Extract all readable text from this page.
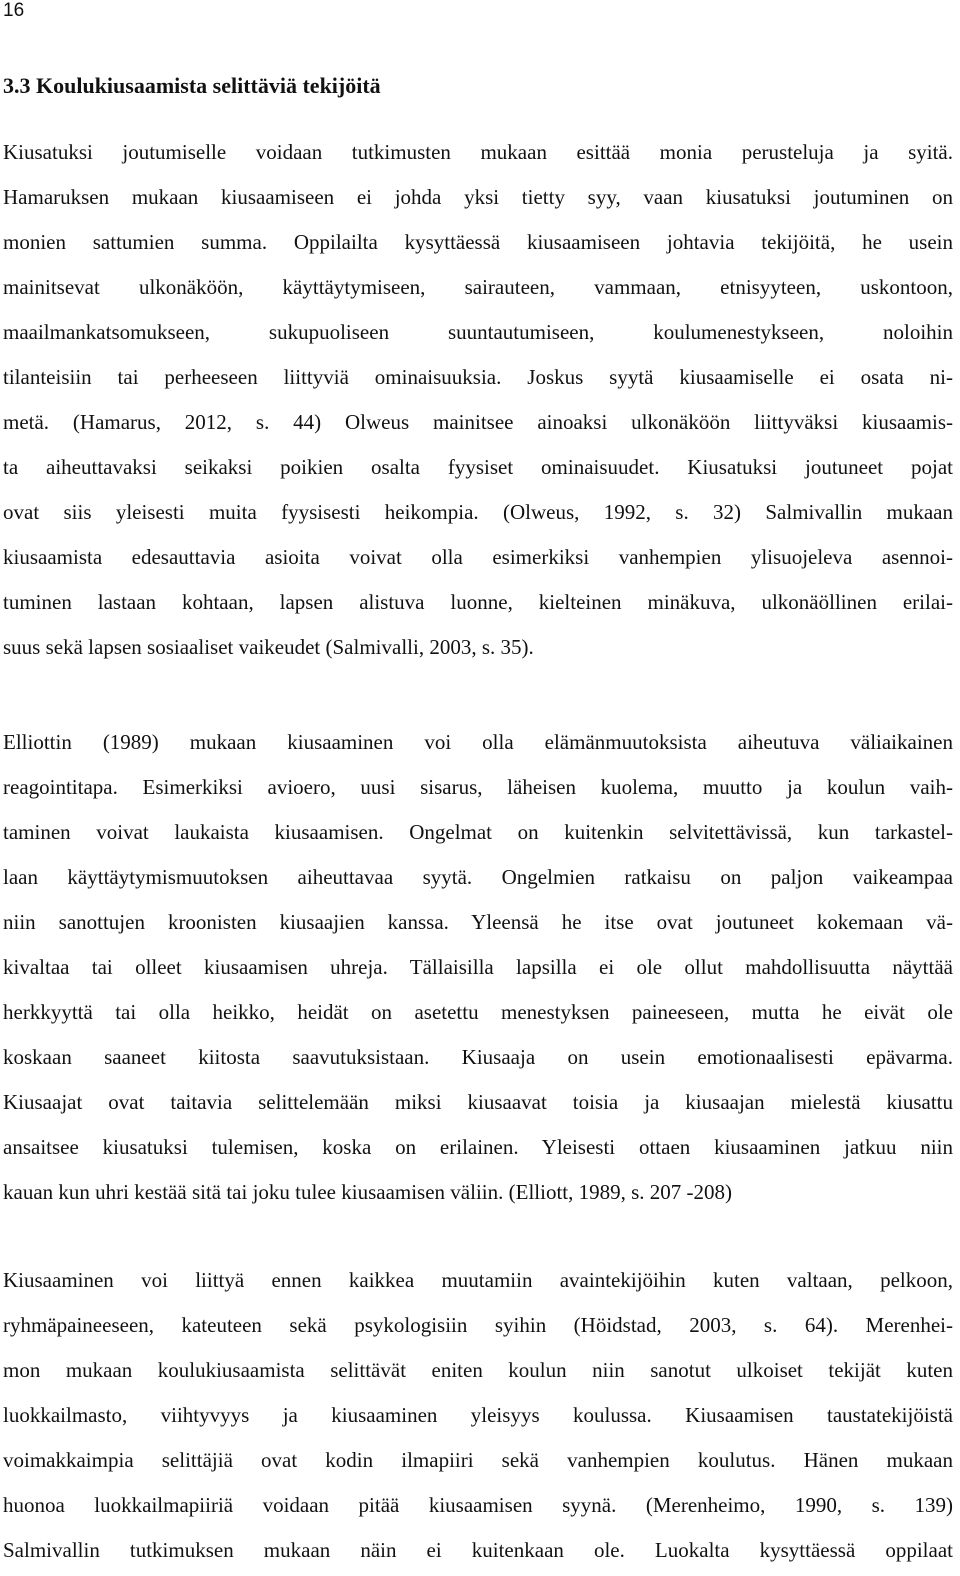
16
3.3 Koulukiusaamista selittäviä tekijöitä
Kiusatuksi joutumiselle voidaan tutkimusten mukaan esittää monia perusteluja ja syitä.
Hamaruksen mukaan kiusaamiseen ei johda yksi tietty syy, vaan kiusatuksi joutuminen on
monien sattumien summa. Oppilailta kysyttäessä kiusaamiseen johtavia tekijöitä, he usein
mainitsevat ulkonäköön, käyttäytymiseen, sairauteen, vammaan, etnisyyteen, uskontoon,
maailmankatsomukseen, sukupuoliseen suuntautumiseen, koulumenestykseen, noloihin
tilanteisiin tai perheeseen liittyviä ominaisuuksia. Joskus syytä kiusaamiselle ei osata ni-
metä. (Hamarus, 2012, s. 44) Olweus mainitsee ainoaksi ulkonäköön liittyväksi kiusaamis-
ta aiheuttavaksi seikaksi poikien osalta fyysiset ominaisuudet. Kiusatuksi joutuneet pojat
ovat siis yleisesti muita fyysisesti heikompia. (Olweus, 1992, s. 32) Salmivallin mukaan
kiusaamista edesauttavia asioita voivat olla esimerkiksi vanhempien ylisuojeleva asennoi-
tuminen lastaan kohtaan, lapsen alistuva luonne, kielteinen minäkuva, ulkonäöllinen erilai-
suus sekä lapsen sosiaaliset vaikeudet (Salmivalli, 2003, s. 35).
Elliottin (1989) mukaan kiusaaminen voi olla elämänmuutoksista aiheutuva väliaikainen
reagointitapa. Esimerkiksi avioero, uusi sisarus, läheisen kuolema, muutto ja koulun vaih-
taminen voivat laukaista kiusaamisen. Ongelmat on kuitenkin selvitettävissä, kun tarkastel-
laan käyttäytymismuutoksen aiheuttavaa syytä. Ongelmien ratkaisu on paljon vaikeampaa
niin sanottujen kroonisten kiusaajien kanssa. Yleensä he itse ovat joutuneet kokemaan vä-
kivaltaa tai olleet kiusaamisen uhreja. Tällaisilla lapsilla ei ole ollut mahdollisuutta näyttää
herkkyyttä tai olla heikko, heidät on asetettu menestyksen paineeseen, mutta he eivät ole
koskaan saaneet kiitosta saavutuksistaan. Kiusaaja on usein emotionaalisesti epävarma.
Kiusaajat ovat taitavia selittelemään miksi kiusaavat toisia ja kiusaajan mielestä kiusattu
ansaitsee kiusatuksi tulemisen, koska on erilainen. Yleisesti ottaen kiusaaminen jatkuu niin
kauan kun uhri kestää sitä tai joku tulee kiusaamisen väliin. (Elliott, 1989, s. 207 -208)
Kiusaaminen voi liittyä ennen kaikkea muutamiin avaintekijöihin kuten valtaan, pelkoon,
ryhmäpaineeseen, kateuteen sekä psykologisiin syihin (Höidstad, 2003, s. 64). Merenhei-
mon mukaan koulukiusaamista selittävät eniten koulun niin sanotut ulkoiset tekijät kuten
luokkailmasto, viihtyvyys ja kiusaaminen yleisyys koulussa. Kiusaamisen taustatekijöistä
voimakkaimpia selittäjiä ovat kodin ilmapiiri sekä vanhempien koulutus. Hänen mukaan
huonoa luokkailmapiiriä voidaan pitää kiusaamisen syynä. (Merenheimo, 1990, s. 139)
Salmivallin tutkimuksen mukaan näin ei kuitenkaan ole. Luokalta kysyttäessä oppilaat
